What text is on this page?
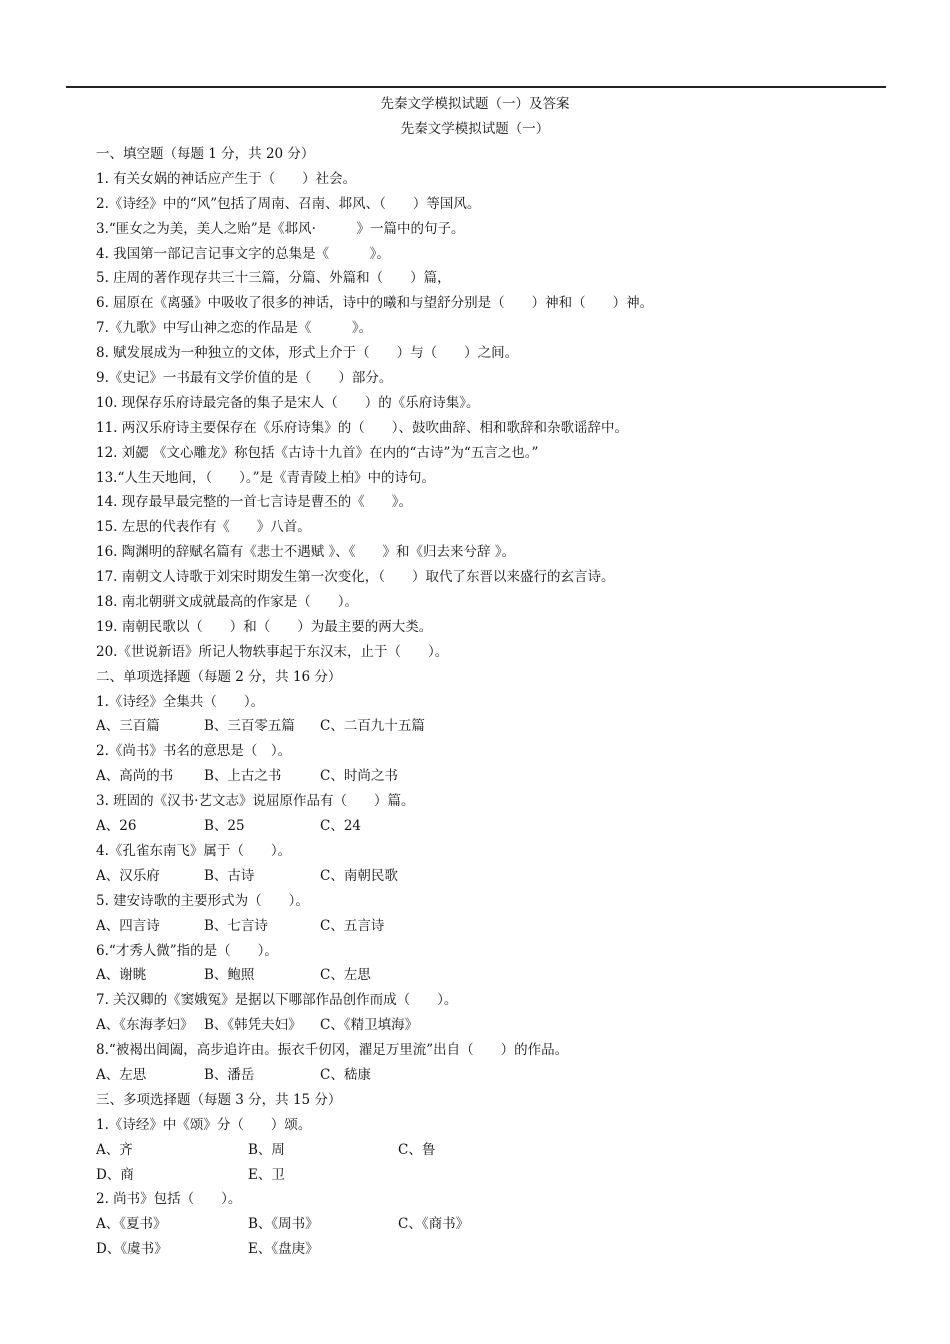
先秦文学模拟试题（一）及答案
先秦文学模拟试题（一）
一、填空题（每题 1 分，共 20 分）
1. 有关女娲的神话应产生于（　　）社会。
2.《诗经》中的“风”包括了周南、召南、邶风、（　　）等国风。
3.“匪女之为美，美人之贻”是《邶风·　　　》一篇中的句子。
4. 我国第一部记言记事文字的总集是《　　　》。
5. 庄周的著作现存共三十三篇，分篇、外篇和（　　）篇，
6. 屈原在《离骚》中吸收了很多的神话，诗中的曦和与望舒分别是（　　）神和（　　）神。
7.《九歌》中写山神之恋的作品是《　　　》。
8. 赋发展成为一种独立的文体，形式上介于（　　）与（　　）之间。
9.《史记》一书最有文学价值的是（　　）部分。
10. 现保存乐府诗最完备的集子是宋人（　　）的《乐府诗集》。
11. 两汉乐府诗主要保存在《乐府诗集》的（　　）、鼓吹曲辞、相和歌辞和杂歌谣辞中。
12. 刘勰 《文心雕龙》称包括《古诗十九首》在内的“古诗”为“五言之也。”
13.“人生天地间，（　　）。”是《青青陵上柏》中的诗句。
14. 现存最早最完整的一首七言诗是曹丕的《　　》。
15. 左思的代表作有《　　》八首。
16. 陶渊明的辞赋名篇有《悲士不遇赋 》、《　　》和《归去来兮辞 》。
17. 南朝文人诗歌于刘宋时期发生第一次变化，（　　）取代了东晋以来盛行的玄言诗。
18. 南北朝骈文成就最高的作家是（　　）。
19. 南朝民歌以（　　）和（　　）为最主要的两大类。
20.《世说新语》所记人物轶事起于东汉末，止于（　　）。
二、单项选择题（每题 2 分，共 16 分）
1.《诗经》全集共（　　）。
A、三百篇	B、三百零五篇 C、二百九十五篇
2.《尚书》书名的意思是（　）。
A、高尚的书 B、上古之书	C、时尚之书
3. 班固的《汉书·艺文志》说屈原作品有（　　）篇。
A、26	B、25	C、24
4.《孔雀东南飞》属于（　　）。
A、汉乐府	B、古诗	C、南朝民歌
5. 建安诗歌的主要形式为（　　）。
A、四言诗	B、七言诗	C、五言诗
6.“才秀人微”指的是（　　）。
A、谢眺	B、鲍照	C、左思
7. 关汉卿的《窦娥冤》是据以下哪部作品创作而成（　　）。
A、《东海孝妇》 B、《韩凭夫妇》 C、《精卫填海》
8.“被褐出阊阖，高步追许由。振衣千仞冈，濯足万里流”出自（　　）的作品。
A、左思	B、潘岳	C、嵇康
三、多项选择题（每题 3 分，共 15 分）
1.《诗经》中《颂》分（　　）颂。
A、齐	B、周	C、鲁
D、商	E、卫
2. 尚书》包括（　　）。
A、《夏书》	B、《周书》	C、《商书》
D、《虞书》	E、《盘庚》
